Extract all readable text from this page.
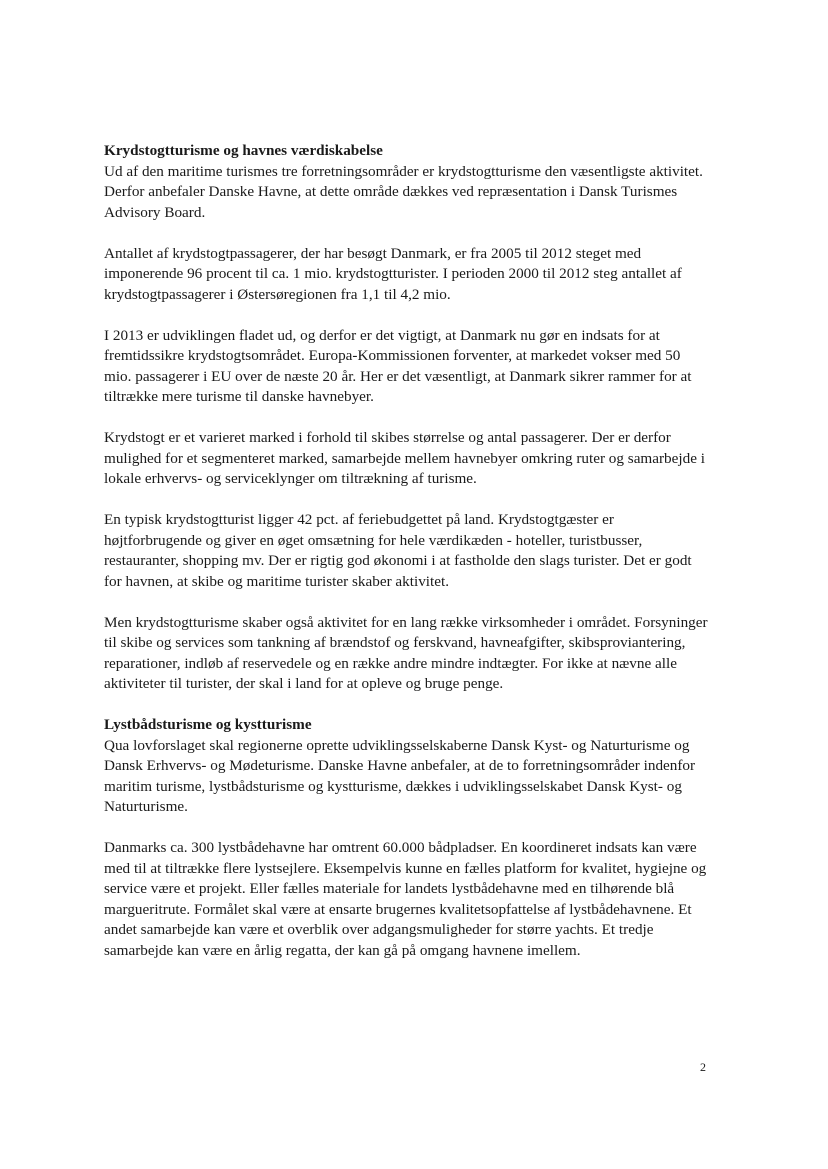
Krydstogtturisme og havnes værdiskabelse

Ud af den maritime turismes tre forretningsområder er krydstogtturisme den væsentligste aktivitet. Derfor anbefaler Danske Havne, at dette område dækkes ved repræsentation i Dansk Turismes Advisory Board.

Antallet af krydstogtpassagerer, der har besøgt Danmark, er fra 2005 til 2012 steget med imponerende 96 procent til ca. 1 mio. krydstogtturister. I perioden 2000 til 2012 steg antallet af krydstogtpassagerer i Østersøregionen fra 1,1 til 4,2 mio.

I 2013 er udviklingen fladet ud, og derfor er det vigtigt, at Danmark nu gør en indsats for at fremtidssikre krydstogtsområdet. Europa-Kommissionen forventer, at markedet vokser med 50 mio. passagerer i EU over de næste 20 år. Her er det væsentligt, at Danmark sikrer rammer for at tiltrække mere turisme til danske havnebyer.

Krydstogt er et varieret marked i forhold til skibes størrelse og antal passagerer. Der er derfor mulighed for et segmenteret marked, samarbejde mellem havnebyer omkring ruter og samarbejde i lokale erhvervs- og serviceklynger om tiltrækning af turisme.

En typisk krydstogtturist ligger 42 pct. af feriebudgettet på land. Krydstogtgæster er højtforbrugende og giver en øget omsætning for hele værdikæden - hoteller, turistbusser, restauranter, shopping mv. Der er rigtig god økonomi i at fastholde den slags turister. Det er godt for havnen, at skibe og maritime turister skaber aktivitet.

Men krydstogtturisme skaber også aktivitet for en lang række virksomheder i området. Forsyninger til skibe og services som tankning af brændstof og ferskvand, havneafgifter, skibsproviantering, reparationer, indløb af reservedele og en række andre mindre indtægter. For ikke at nævne alle aktiviteter til turister, der skal i land for at opleve og bruge penge.

Lystbådsturisme og kystturisme

Qua lovforslaget skal regionerne oprette udviklingsselskaberne Dansk Kyst- og Naturturisme og Dansk Erhvervs- og Mødeturisme. Danske Havne anbefaler, at de to forretningsområder indenfor maritim turisme, lystbådsturisme og kystturisme, dækkes i udviklingsselskabet Dansk Kyst- og Naturturisme.

Danmarks ca. 300 lystbådehavne har omtrent 60.000 bådpladser. En koordineret indsats kan være med til at tiltrække flere lystsejlere. Eksempelvis kunne en fælles platform for kvalitet, hygiejne og service være et projekt. Eller fælles materiale for landets lystbådehavne med en tilhørende blå margueritrute. Formålet skal være at ensarte brugernes kvalitetsopfattelse af lystbådehavnene. Et andet samarbejde kan være et overblik over adgangsmuligheder for større yachts. Et tredje samarbejde kan være en årlig regatta, der kan gå på omgang havnene imellem.

2
